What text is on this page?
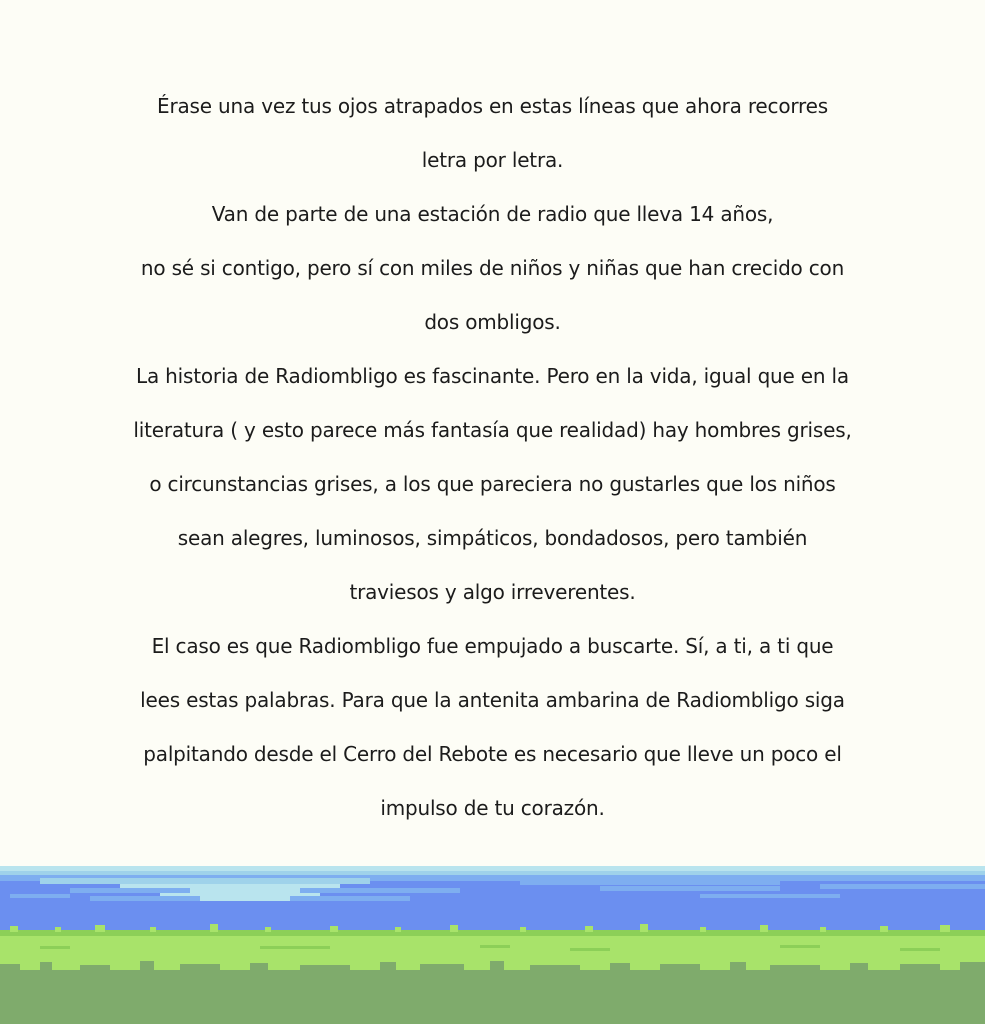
Érase una vez tus ojos atrapados en estas líneas que ahora recorres
letra por letra.
Van de parte de una estación de radio que lleva 14 años,
no sé si contigo, pero sí con miles de niños y niñas que han crecido con
dos ombligos.
La historia de Radiombligo es fascinante. Pero en la vida, igual que en la
literatura ( y esto parece más fantasía que realidad) hay hombres grises,
o circunstancias grises, a los que pareciera no gustarles que los niños
sean alegres, luminosos, simpáticos, bondadosos, pero también
traviesos y algo irreverentes.
El caso es que Radiombligo fue empujado a buscarte. Sí, a ti, a ti que
lees estas palabras. Para que la antenita ambarina de Radiombligo siga
palpitando desde el Cerro del Rebote es necesario que lleve un poco el
impulso de tu corazón.
